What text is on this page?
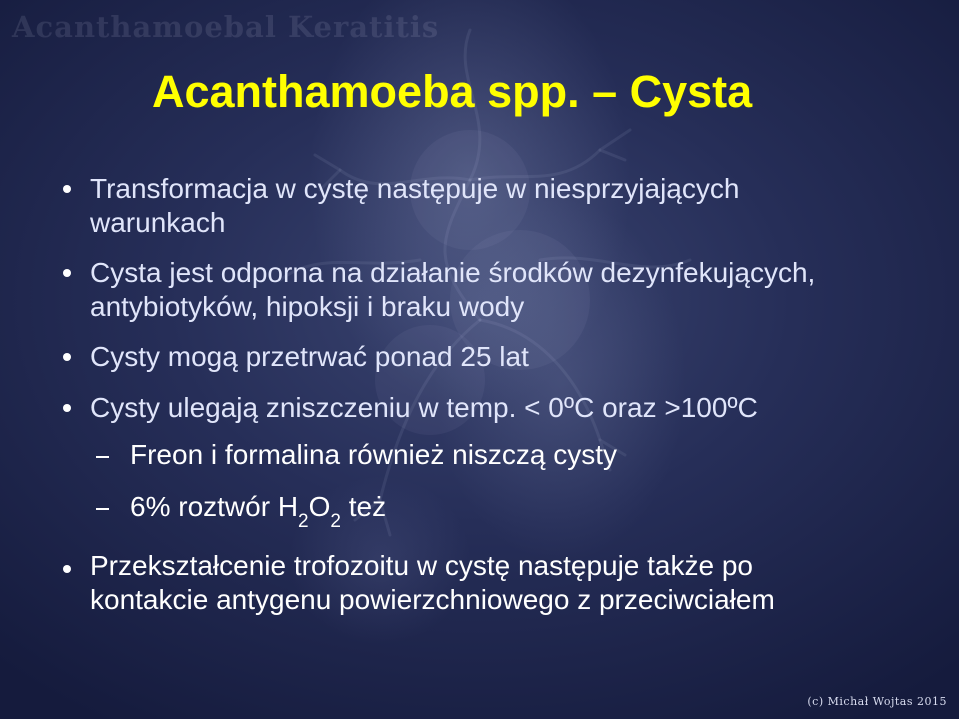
Acanthamoebal Keratitis
Acanthamoeba spp. – Cysta
Transformacja w cystę następuje w niesprzyjających
warunkach
Cysta jest odporna na działanie środków dezynfekujących,
antybiotyków, hipoksji i braku wody
Cysty mogą przetrwać ponad 25 lat
Cysty ulegają zniszczeniu w temp. < 0ºC oraz >100ºC
Freon i formalina również niszczą cysty
6% roztwór $H_2O_2$ też
Przekształcenie trofozoitu w cystę następuje także po
kontakcie antygenu powierzchniowego z przeciwciałem
(c) Michał Wojtas 2015
